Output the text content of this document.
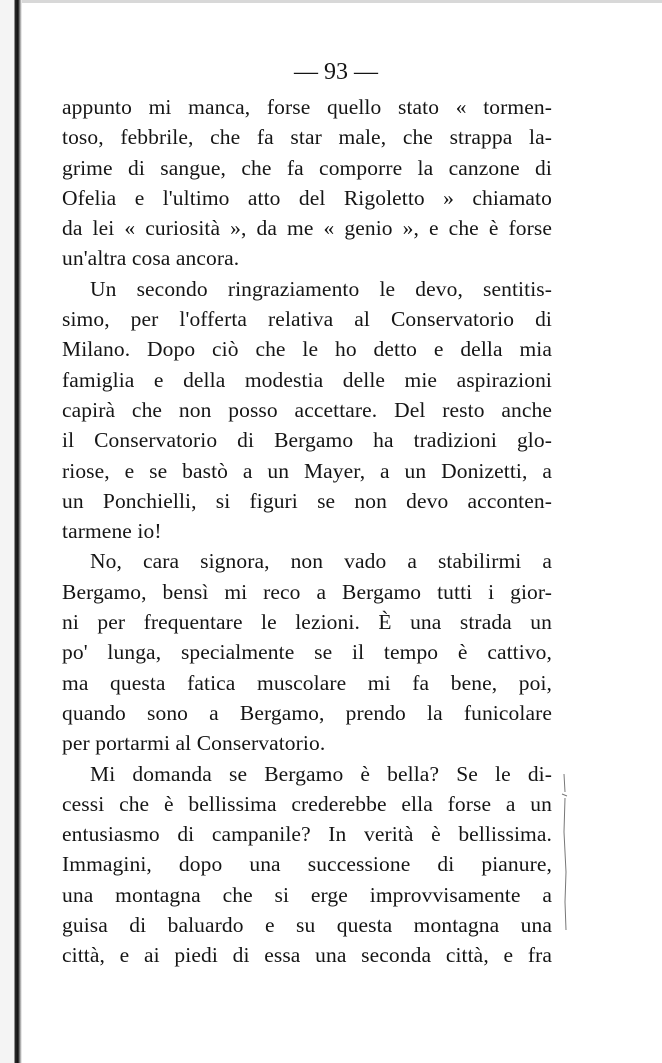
— 93 —
appunto mi manca, forse quello stato « tormen-
toso, febbrile, che fa star male, che strappa la-
grime di sangue, che fa comporre la canzone di
Ofelia e l'ultimo atto del Rigoletto » chiamato
da lei « curiosità », da me « genio », e che è forse
un'altra cosa ancora.
Un secondo ringraziamento le devo, sentitis-
simo, per l'offerta relativa al Conservatorio di
Milano. Dopo ciò che le ho detto e della mia
famiglia e della modestia delle mie aspirazioni
capirà che non posso accettare. Del resto anche
il Conservatorio di Bergamo ha tradizioni glo-
riose, e se bastò a un Mayer, a un Donizetti, a
un Ponchielli, si figuri se non devo acconten-
tarmene io!
No, cara signora, non vado a stabilirmi a
Bergamo, bensì mi reco a Bergamo tutti i gior-
ni per frequentare le lezioni. È una strada un
po' lunga, specialmente se il tempo è cattivo,
ma questa fatica muscolare mi fa bene, poi,
quando sono a Bergamo, prendo la funicolare
per portarmi al Conservatorio.
Mi domanda se Bergamo è bella? Se le di-
cessi che è bellissima crederebbe ella forse a un
entusiasmo di campanile? In verità è bellissima.
Immagini, dopo una successione di pianure,
una montagna che si erge improvvisamente a
guisa di baluardo e su questa montagna una
città, e ai piedi di essa una seconda città, e fra
